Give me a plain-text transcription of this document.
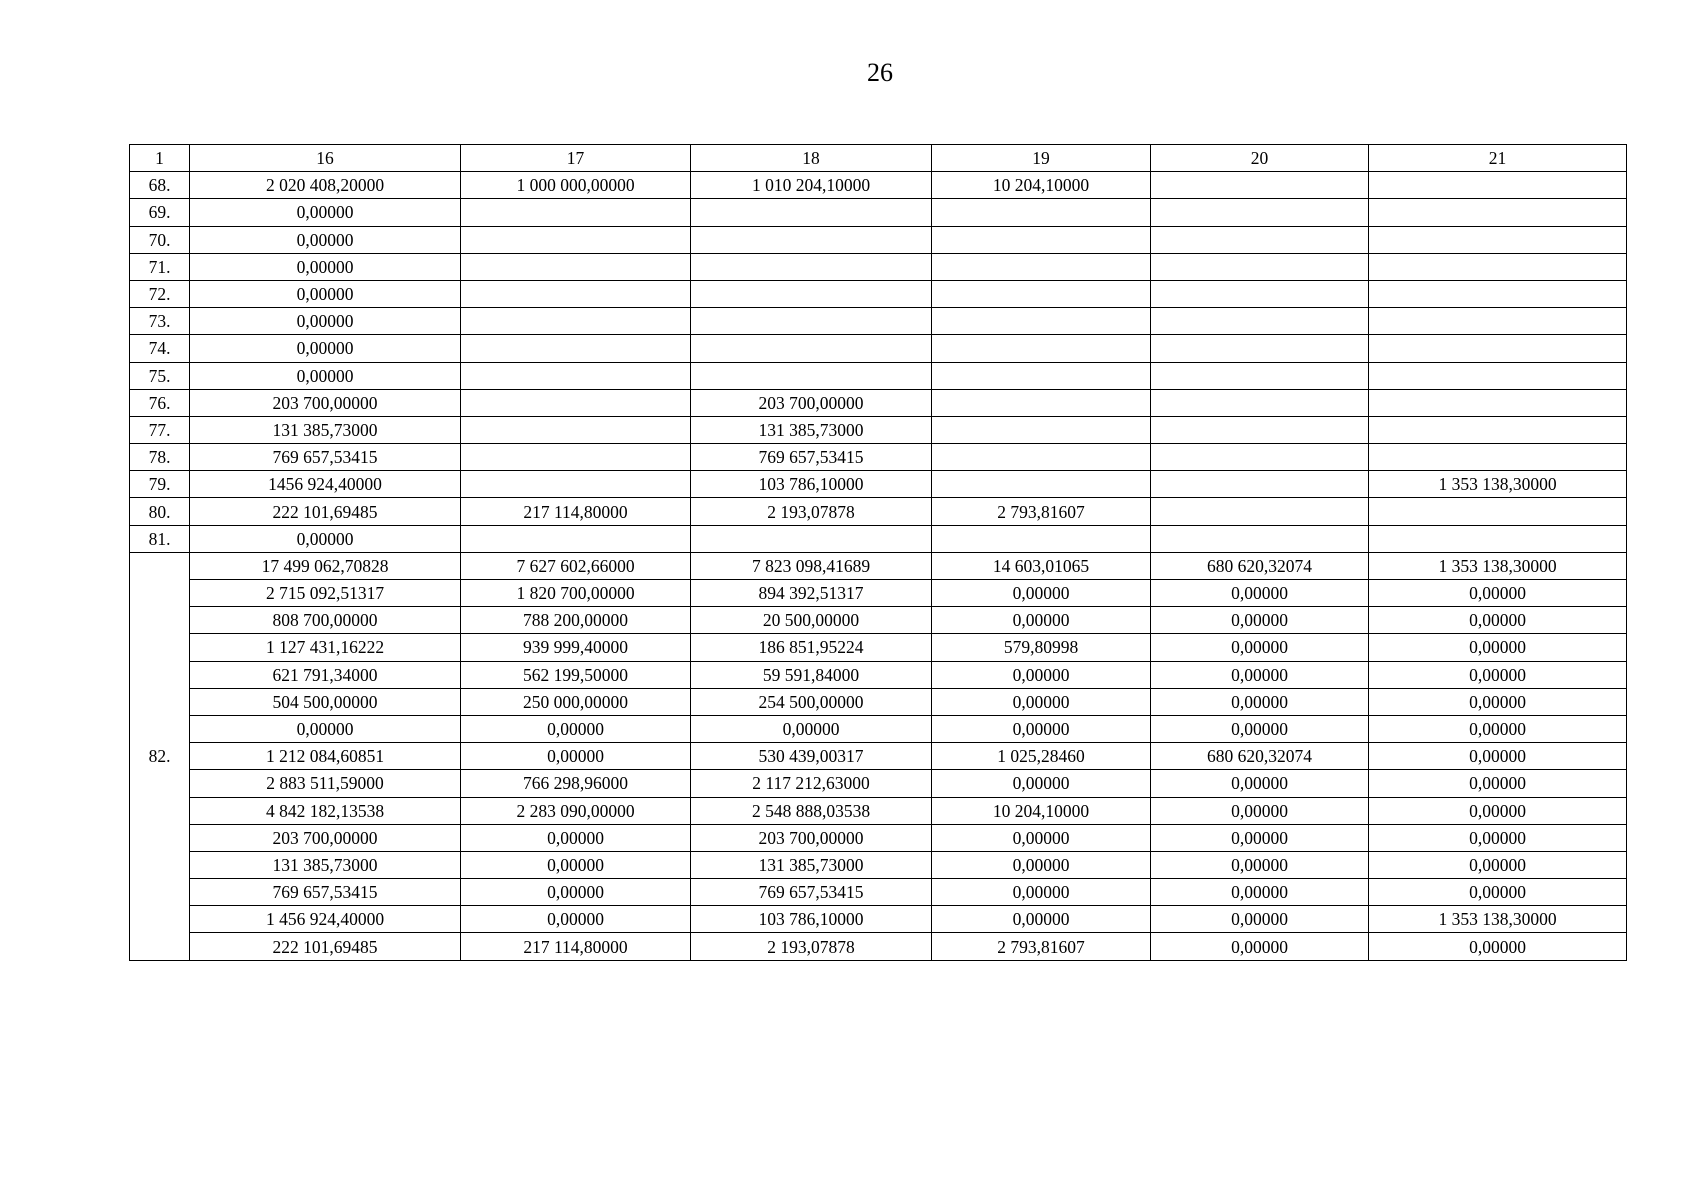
26
1	16	17	18	19	20	21
68.	2 020 408,20000	1 000 000,00000	1 010 204,10000	10 204,10000		
69.	0,00000					
70.	0,00000					
71.	0,00000					
72.	0,00000					
73.	0,00000					
74.	0,00000					
75.	0,00000					
76.	203 700,00000		203 700,00000			
77.	131 385,73000		131 385,73000			
78.	769 657,53415		769 657,53415			
79.	1456 924,40000		103 786,10000			1 353 138,30000
80.	222 101,69485	217 114,80000	2 193,07878	2 793,81607		
81.	0,00000					
82.	17 499 062,70828	7 627 602,66000	7 823 098,41689	14 603,01065	680 620,32074	1 353 138,30000
	2 715 092,51317	1 820 700,00000	894 392,51317	0,00000	0,00000	0,00000
	808 700,00000	788 200,00000	20 500,00000	0,00000	0,00000	0,00000
	1 127 431,16222	939 999,40000	186 851,95224	579,80998	0,00000	0,00000
	621 791,34000	562 199,50000	59 591,84000	0,00000	0,00000	0,00000
	504 500,00000	250 000,00000	254 500,00000	0,00000	0,00000	0,00000
	0,00000	0,00000	0,00000	0,00000	0,00000	0,00000
	1 212 084,60851	0,00000	530 439,00317	1 025,28460	680 620,32074	0,00000
	2 883 511,59000	766 298,96000	2 117 212,63000	0,00000	0,00000	0,00000
	4 842 182,13538	2 283 090,00000	2 548 888,03538	10 204,10000	0,00000	0,00000
	203 700,00000	0,00000	203 700,00000	0,00000	0,00000	0,00000
	131 385,73000	0,00000	131 385,73000	0,00000	0,00000	0,00000
	769 657,53415	0,00000	769 657,53415	0,00000	0,00000	0,00000
	1 456 924,40000	0,00000	103 786,10000	0,00000	0,00000	1 353 138,30000
	222 101,69485	217 114,80000	2 193,07878	2 793,81607	0,00000	0,00000
